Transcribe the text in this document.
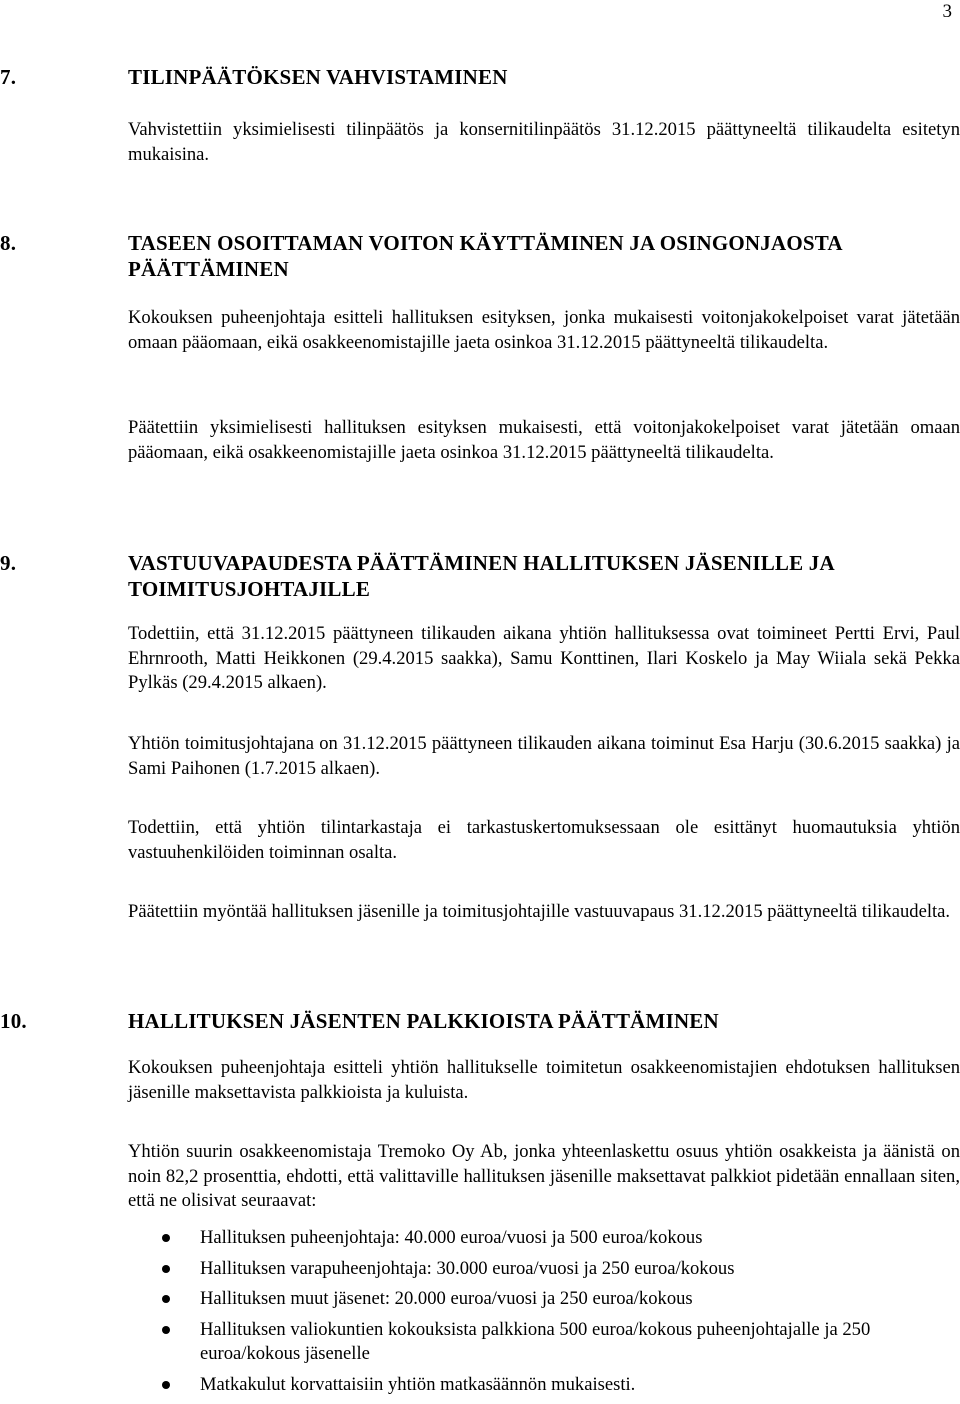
3
7.	TILINPÄÄTÖKSEN VAHVISTAMINEN

Vahvistettiin yksimielisesti tilinpäätös ja konsernitilinpäätös 31.12.2015 päättyneeltä tilikaudelta esitetyn mukaisina.

8.	TASEEN OSOITTAMAN VOITON KÄYTTÄMINEN JA OSINGONJAOSTA PÄÄTTÄMINEN

Kokouksen puheenjohtaja esitteli hallituksen esityksen, jonka mukaisesti voitonjakokelpoiset varat jätetään omaan pääomaan, eikä osakkeenomistajille jaeta osinkoa 31.12.2015 päättyneeltä tilikaudelta.

Päätettiin yksimielisesti hallituksen esityksen mukaisesti, että voitonjakokelpoiset varat jätetään omaan pääomaan, eikä osakkeenomistajille jaeta osinkoa 31.12.2015 päättyneeltä tilikaudelta.

9.	VASTUUVAPAUDESTA PÄÄTTÄMINEN HALLITUKSEN JÄSENILLE JA TOIMITUSJOHTAJILLE

Todettiin, että 31.12.2015 päättyneen tilikauden aikana yhtiön hallituksessa ovat toimineet Pertti Ervi, Paul Ehrnrooth, Matti Heikkonen (29.4.2015 saakka), Samu Konttinen, Ilari Koskelo ja May Wiiala sekä Pekka Pylkäs (29.4.2015 alkaen).

Yhtiön toimitusjohtajana on 31.12.2015 päättyneen tilikauden aikana toiminut Esa Harju (30.6.2015 saakka) ja Sami Paihonen (1.7.2015 alkaen).

Todettiin, että yhtiön tilintarkastaja ei tarkastuskertomuksessaan ole esittänyt huomautuksia yhtiön vastuuhenkilöiden toiminnan osalta.

Päätettiin myöntää hallituksen jäsenille ja toimitusjohtajille vastuuvapaus 31.12.2015 päättyneeltä tilikaudelta.

10.	HALLITUKSEN JÄSENTEN PALKKIOISTA PÄÄTTÄMINEN

Kokouksen puheenjohtaja esitteli yhtiön hallitukselle toimitetun osakkeenomistajien ehdotuksen hallituksen jäsenille maksettavista palkkioista ja kuluista.

Yhtiön suurin osakkeenomistaja Tremoko Oy Ab, jonka yhteenlaskettu osuus yhtiön osakkeista ja äänistä on noin 82,2 prosenttia, ehdotti, että valittaville hallituksen jäsenille maksettavat palkkiot pidetään ennallaan siten, että ne olisivat seuraavat:

Hallituksen puheenjohtaja: 40.000 euroa/vuosi ja 500 euroa/kokous
Hallituksen varapuheenjohtaja: 30.000 euroa/vuosi ja 250 euroa/kokous
Hallituksen muut jäsenet: 20.000 euroa/vuosi ja 250 euroa/kokous
Hallituksen valiokuntien kokouksista palkkiona 500 euroa/kokous puheenjohtajalle ja 250 euroa/kokous jäsenelle
Matkakulut korvattaisiin yhtiön matkasäännön mukaisesti.
